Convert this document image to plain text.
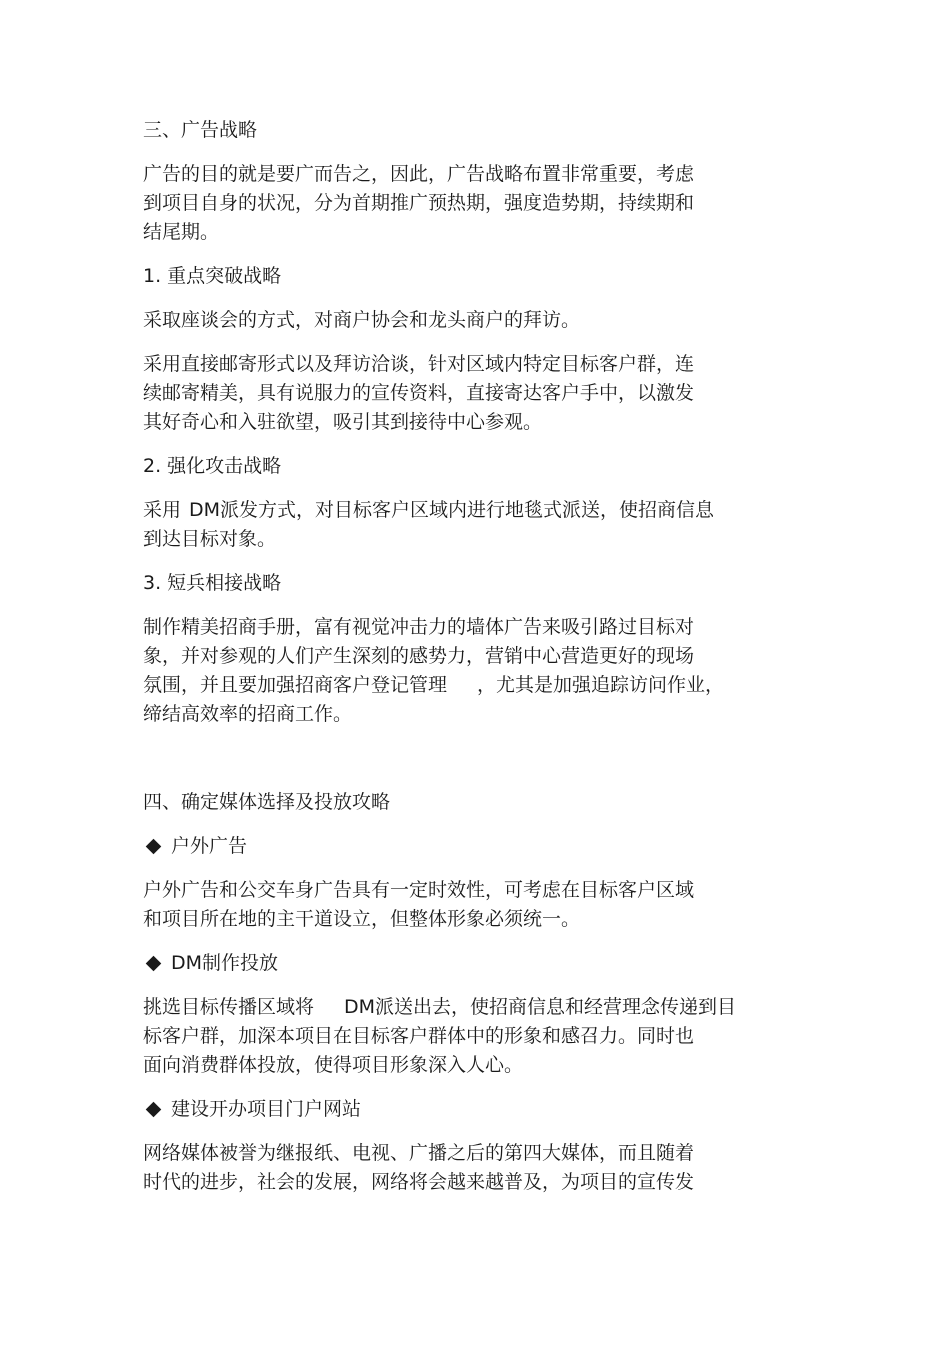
三、广告战略
广告的目的就是要广而告之，因此，广告战略布置非常重要，考虑
到项目自身的状况，分为首期推广预热期，强度造势期，持续期和
结尾期。
1. 重点突破战略
采取座谈会的方式，对商户协会和龙头商户的拜访。
采用直接邮寄形式以及拜访洽谈，针对区域内特定目标客户群，连
续邮寄精美，具有说服力的宣传资料，直接寄达客户手中，以激发
其好奇心和入驻欲望，吸引其到接待中心参观。
2. 强化攻击战略
采用 DM派发方式，对目标客户区域内进行地毯式派送，使招商信息
到达目标对象。
3. 短兵相接战略
制作精美招商手册，富有视觉冲击力的墙体广告来吸引路过目标对
象，并对参观的人们产生深刻的感势力，营销中心营造更好的现场
氛围，并且要加强招商客户登记管理 ，尤其是加强追踪访问作业，
缔结高效率的招商工作。
四、确定媒体选择及投放攻略
户外广告
户外广告和公交车身广告具有一定时效性，可考虑在目标客户区域
和项目所在地的主干道设立，但整体形象必须统一。
DM制作投放
挑选目标传播区域将 DM派送出去，使招商信息和经营理念传递到目
标客户群，加深本项目在目标客户群体中的形象和感召力。同时也
面向消费群体投放，使得项目形象深入人心。
建设开办项目门户网站
网络媒体被誉为继报纸、电视、广播之后的第四大媒体，而且随着
时代的进步，社会的发展，网络将会越来越普及，为项目的宣传发
